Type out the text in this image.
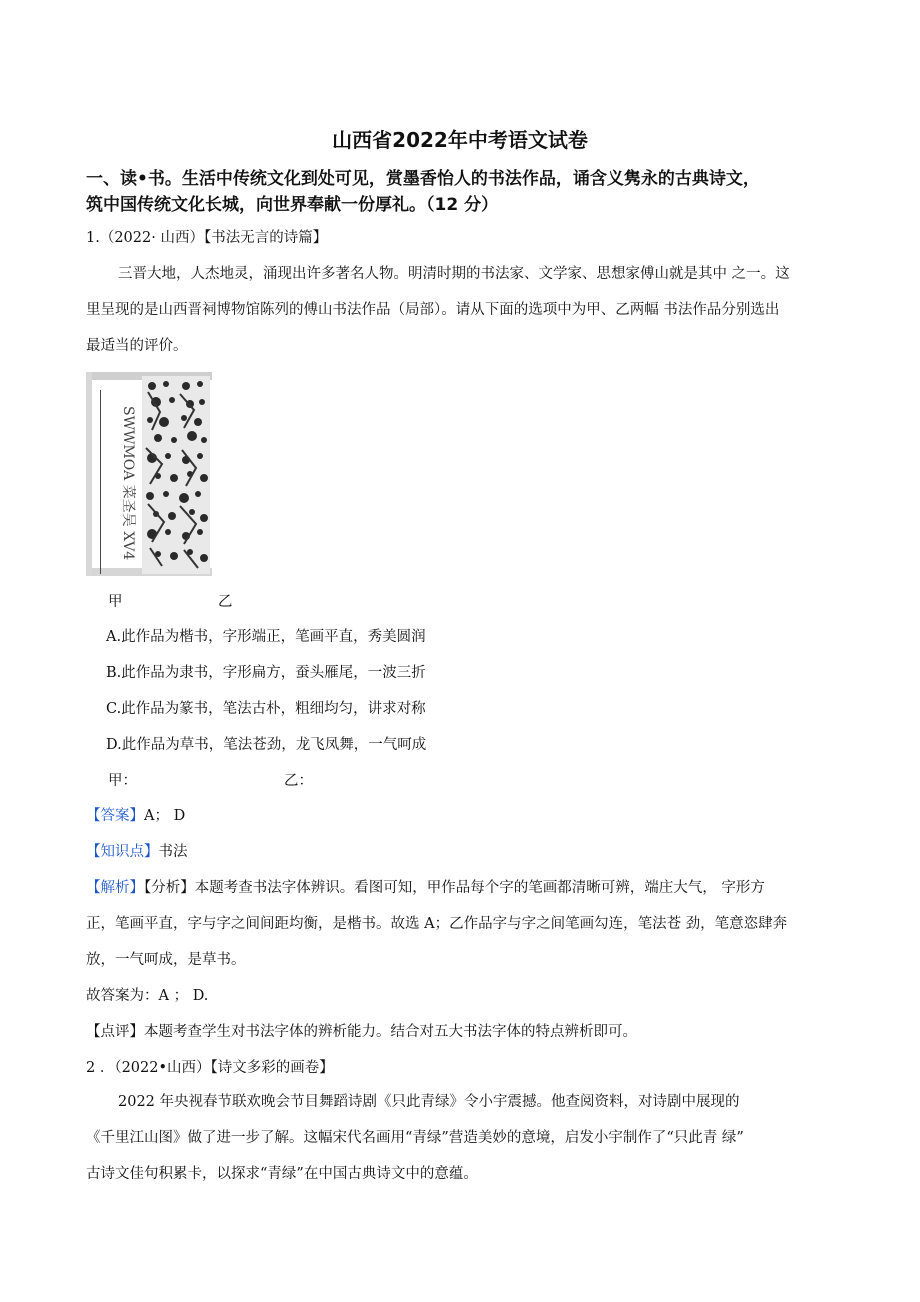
山西省2022年中考语文试卷
一、读•书。生活中传统文化到处可见，赏墨香怡人的书法作品，诵含义隽永的古典诗文，
筑中国传统文化长城，向世界奉献一份厚礼。（12 分）
1.（2022· 山西）【书法无言的诗篇】
三晋大地，人杰地灵，涌现出许多著名人物。明清时期的书法家、文学家、思想家傅山就是其中 之一。这
里呈现的是山西晋祠博物馆陈列的傅山书法作品（局部）。请从下面的选项中为甲、乙两幅 书法作品分别选出
最适当的评价。
SWWMOA 菜圣吴 XV4
甲	乙
A.此作品为楷书，字形端正，笔画平直，秀美圆润
B.此作品为隶书，字形扁方，蚕头雁尾，一波三折
C.此作品为篆书，笔法古朴，粗细均匀，讲求对称
D.此作品为草书，笔法苍劲，龙飞凤舞，一气呵成
甲：	乙：
【答案】A； D
【知识点】书法
【解析】【分析】本题考查书法字体辨识。看图可知，甲作品每个字的笔画都清晰可辨，端庄大气， 字形方
正，笔画平直，字与字之间间距均衡，是楷书。故选 A；乙作品字与字之间笔画勾连，笔法苍 劲，笔意恣肆奔
放，一气呵成，是草书。
故答案为：A ； D.
【点评】本题考查学生对书法字体的辨析能力。结合对五大书法字体的特点辨析即可。
2 ．（2022•山西）【诗文多彩的画卷】
2022 年央视春节联欢晚会节目舞蹈诗剧《只此青绿》令小宇震撼。他查阅资料，对诗剧中展现的
《千里江山图》做了进一步了解。这幅宋代名画用“青绿”营造美妙的意境，启发小宇制作了“只此青 绿”
古诗文佳句积累卡，以探求“青绿”在中国古典诗文中的意蕴。
